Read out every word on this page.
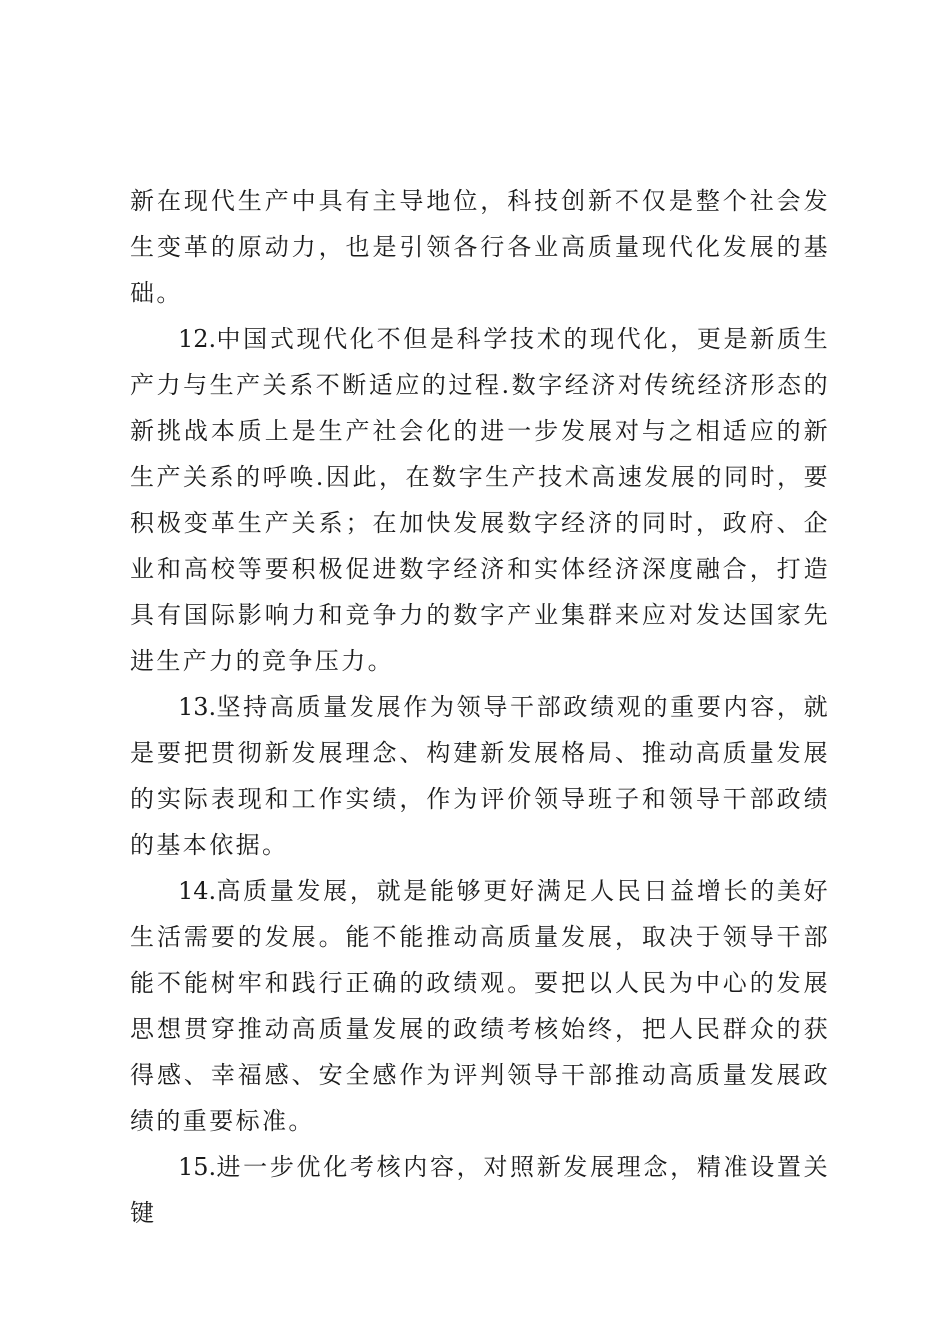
新在现代生产中具有主导地位，科技创新不仅是整个社会发生变革的原动力，也是引领各行各业高质量现代化发展的基础。

12.中国式现代化不但是科学技术的现代化，更是新质生产力与生产关系不断适应的过程.数字经济对传统经济形态的新挑战本质上是生产社会化的进一步发展对与之相适应的新生产关系的呼唤.因此，在数字生产技术高速发展的同时，要积极变革生产关系；在加快发展数字经济的同时，政府、企业和高校等要积极促进数字经济和实体经济深度融合，打造具有国际影响力和竞争力的数字产业集群来应对发达国家先进生产力的竞争压力。

13.坚持高质量发展作为领导干部政绩观的重要内容，就是要把贯彻新发展理念、构建新发展格局、推动高质量发展的实际表现和工作实绩，作为评价领导班子和领导干部政绩的基本依据。

14.高质量发展，就是能够更好满足人民日益增长的美好生活需要的发展。能不能推动高质量发展，取决于领导干部能不能树牢和践行正确的政绩观。要把以人民为中心的发展思想贯穿推动高质量发展的政绩考核始终，把人民群众的获得感、幸福感、安全感作为评判领导干部推动高质量发展政绩的重要标准。

15.进一步优化考核内容，对照新发展理念，精准设置关键
